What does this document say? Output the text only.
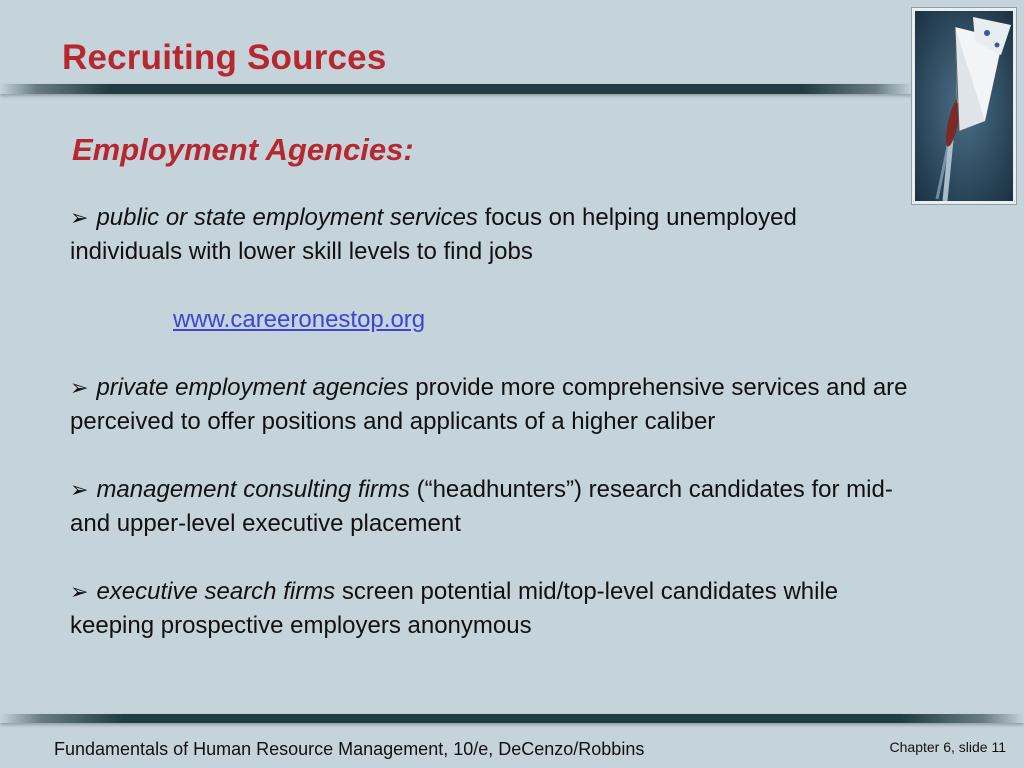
Recruiting Sources
Employment Agencies:

➢ public or state employment services focus on helping unemployed individuals with lower skill levels to find jobs

www.careeronestop.org

➢ private employment agencies provide more comprehensive services and are perceived to offer positions and applicants of a higher caliber

➢ management consulting firms (“headhunters”) research candidates for mid- and upper-level executive placement

➢ executive search firms screen potential mid/top-level candidates while keeping prospective employers anonymous

Fundamentals of Human Resource Management, 10/e, DeCenzo/Robbins	Chapter 6, slide 11
